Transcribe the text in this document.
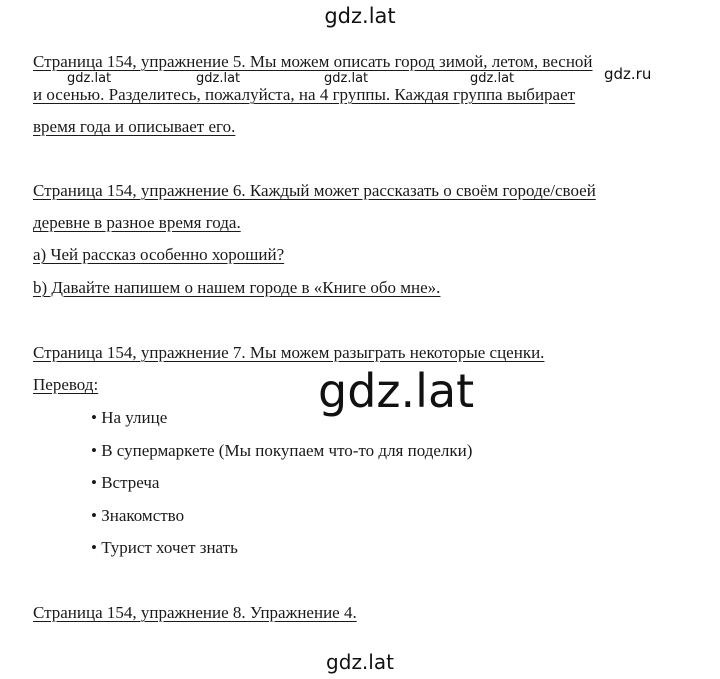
gdz.lat
Страница 154, упражнение 5. Мы можем описать город зимой, летом, весной
и осенью. Разделитесь, пожалуйста, на 4 группы. Каждая группа выбирает
время года и описывает его.
gdz.lat	gdz.lat	gdz.lat	gdz.lat	gdz.ru
Страница 154, упражнение 6. Каждый может рассказать о своём городе/своей
деревне в разное время года.
a) Чей рассказ особенно хороший?
b) Давайте напишем о нашем городе в «Книге обо мне».
Страница 154, упражнение 7. Мы можем разыграть некоторые сценки.
Перевод:	gdz.lat
• На улице
• В супермаркете (Мы покупаем что-то для поделки)
• Встреча
• Знакомство
• Турист хочет знать
Страница 154, упражнение 8. Упражнение 4.
gdz.lat
